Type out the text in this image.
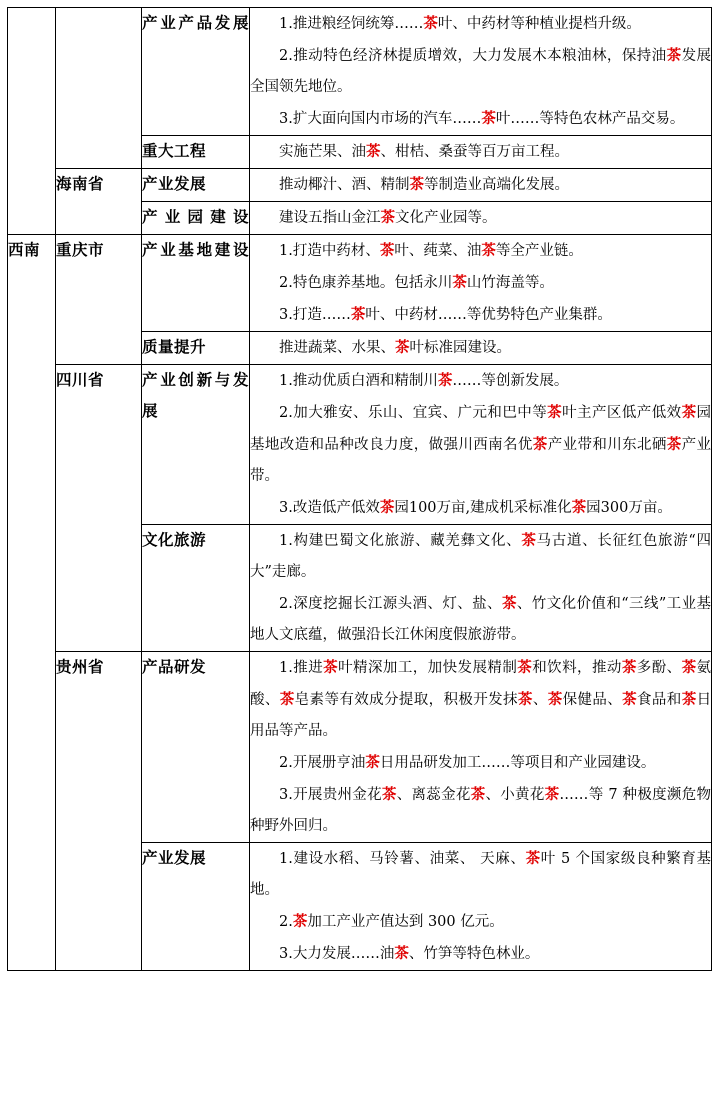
		产业产品发展	1.推进粮经饲统筹……茶叶、中药材等种植业提档升级。
2.推动特色经济林提质增效，大力发展木本粮油林，保持油茶发展全国领先地位。
3.扩大面向国内市场的汽车……茶叶……等特色农林产品交易。

		重大工程	实施芒果、油茶、柑桔、桑蚕等百万亩工程。

	海南省	产业发展	推动椰汁、酒、精制茶等制造业高端化发展。

		产业园建设	建设五指山金江茶文化产业园等。

西南	重庆市	产业基地建设	1.打造中药材、茶叶、莼菜、油茶等全产业链。
2.特色康养基地。包括永川茶山竹海盖等。
3.打造……茶叶、中药材……等优势特色产业集群。

		质量提升	推进蔬菜、水果、茶叶标准园建设。

	四川省	产业创新与发展	1.推动优质白酒和精制川茶……等创新发展。
2.加大雅安、乐山、宜宾、广元和巴中等茶叶主产区低产低效茶园基地改造和品种改良力度，做强川西南名优茶产业带和川东北硒茶产业带。
3.改造低产低效茶园100万亩,建成机采标准化茶园300万亩。

		文化旅游	1.构建巴蜀文化旅游、藏羌彝文化、茶马古道、长征红色旅游“四大”走廊。
2.深度挖掘长江源头酒、灯、盐、茶、竹文化价值和“三线”工业基地人文底蕴，做强沿长江休闲度假旅游带。

	贵州省	产品研发	1.推进茶叶精深加工，加快发展精制茶和饮料，推动茶多酚、茶氨酸、茶皂素等有效成分提取，积极开发抹茶、茶保健品、茶食品和茶日用品等产品。
2.开展册亨油茶日用品研发加工……等项目和产业园建设。
3.开展贵州金花茶、离蕊金花茶、小黄花茶……等 7 种极度濒危物种野外回归。

		产业发展	1.建设水稻、马铃薯、油菜、 天麻、茶叶 5 个国家级良种繁育基地。
2.茶加工产业产值达到 300 亿元。
3.大力发展……油茶、竹笋等特色林业。
